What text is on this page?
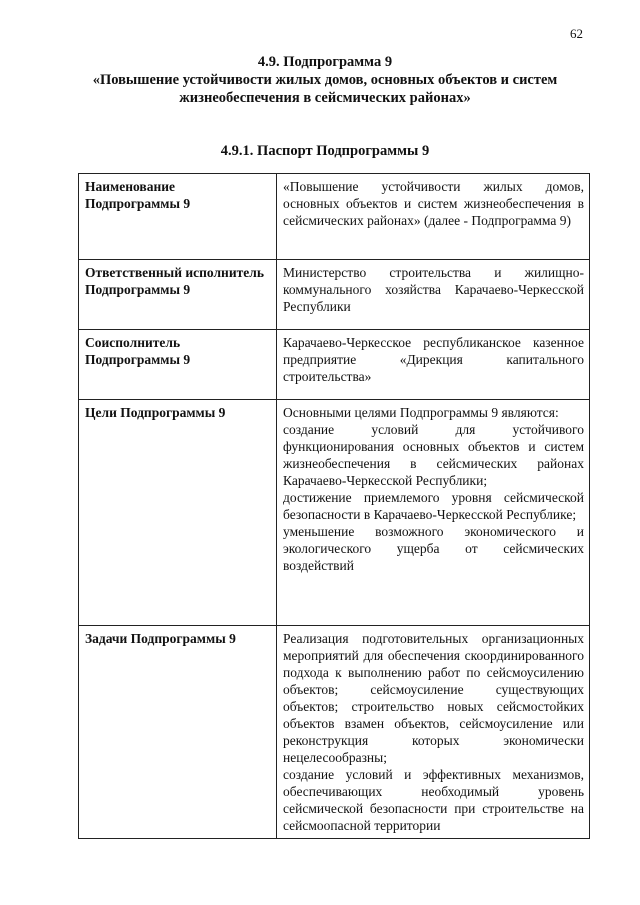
62
4.9. Подпрограмма 9
«Повышение устойчивости жилых домов, основных объектов и систем
жизнеобеспечения в сейсмических районах»
4.9.1. Паспорт Подпрограммы 9
Наименование Подпрограммы 9	«Повышение устойчивости жилых домов, основных объектов и систем жизнеобеспечения в сейсмических районах» (далее - Подпрограмма 9)

Ответственный исполнитель Подпрограммы 9	Министерство строительства и жилищно-коммунального хозяйства Карачаево-Черкесской Республики

Соисполнитель Подпрограммы 9	Карачаево-Черкесское республиканское казенное предприятие «Дирекция капитального строительства»

Цели Подпрограммы 9	Основными целями Подпрограммы 9 являются:
создание условий для устойчивого функционирования основных объектов и систем жизнеобеспечения в сейсмических районах Карачаево-Черкесской Республики;
достижение приемлемого уровня сейсмической безопасности в Карачаево-Черкесской Республике;
уменьшение возможного экономического и экологического ущерба от сейсмических воздействий

Задачи Подпрограммы 9	Реализация подготовительных организационных мероприятий для обеспечения скоординированного подхода к выполнению работ по сейсмоусилению объектов; сейсмоусиление существующих объектов; строительство новых сейсмостойких объектов взамен объектов, сейсмоусиление или реконструкция которых экономически нецелесообразны;
создание условий и эффективных механизмов, обеспечивающих необходимый уровень сейсмической безопасности при строительстве на сейсмоопасной территории
